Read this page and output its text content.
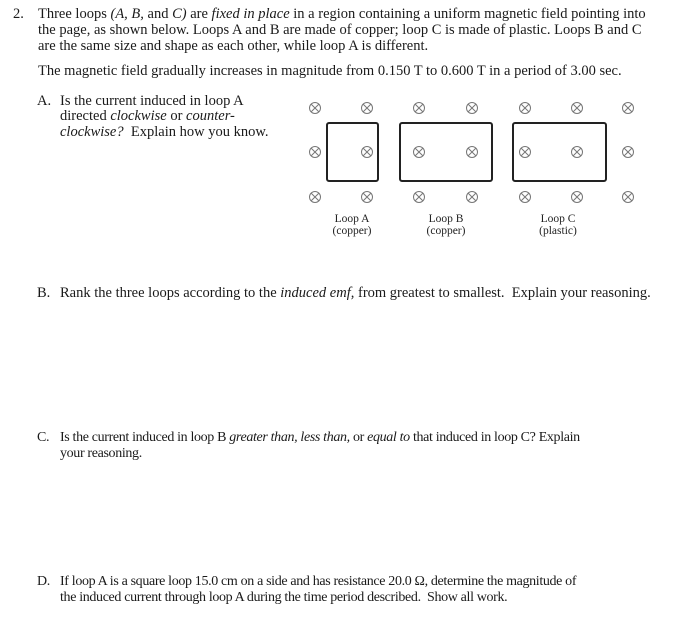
2. Three loops (A, B, and C) are fixed in place in a region containing a uniform magnetic field pointing into
the page, as shown below. Loops A and B are made of copper; loop C is made of plastic. Loops B and C
are the same size and shape as each other, while loop A is different.
The magnetic field gradually increases in magnitude from 0.150 T to 0.600 T in a period of 3.00 sec.
A. Is the current induced in loop A
directed clockwise or counter-
clockwise?  Explain how you know.
B. Rank the three loops according to the induced emf, from greatest to smallest.  Explain your reasoning.
C. Is the current induced in loop B greater than, less than, or equal to that induced in loop C? Explain
your reasoning.
D. If loop A is a square loop 15.0 cm on a side and has resistance 20.0 Ω, determine the magnitude of
the induced current through loop A during the time period described.  Show all work.
Loop A
(copper)
Loop B
(copper)
Loop C
(plastic)
